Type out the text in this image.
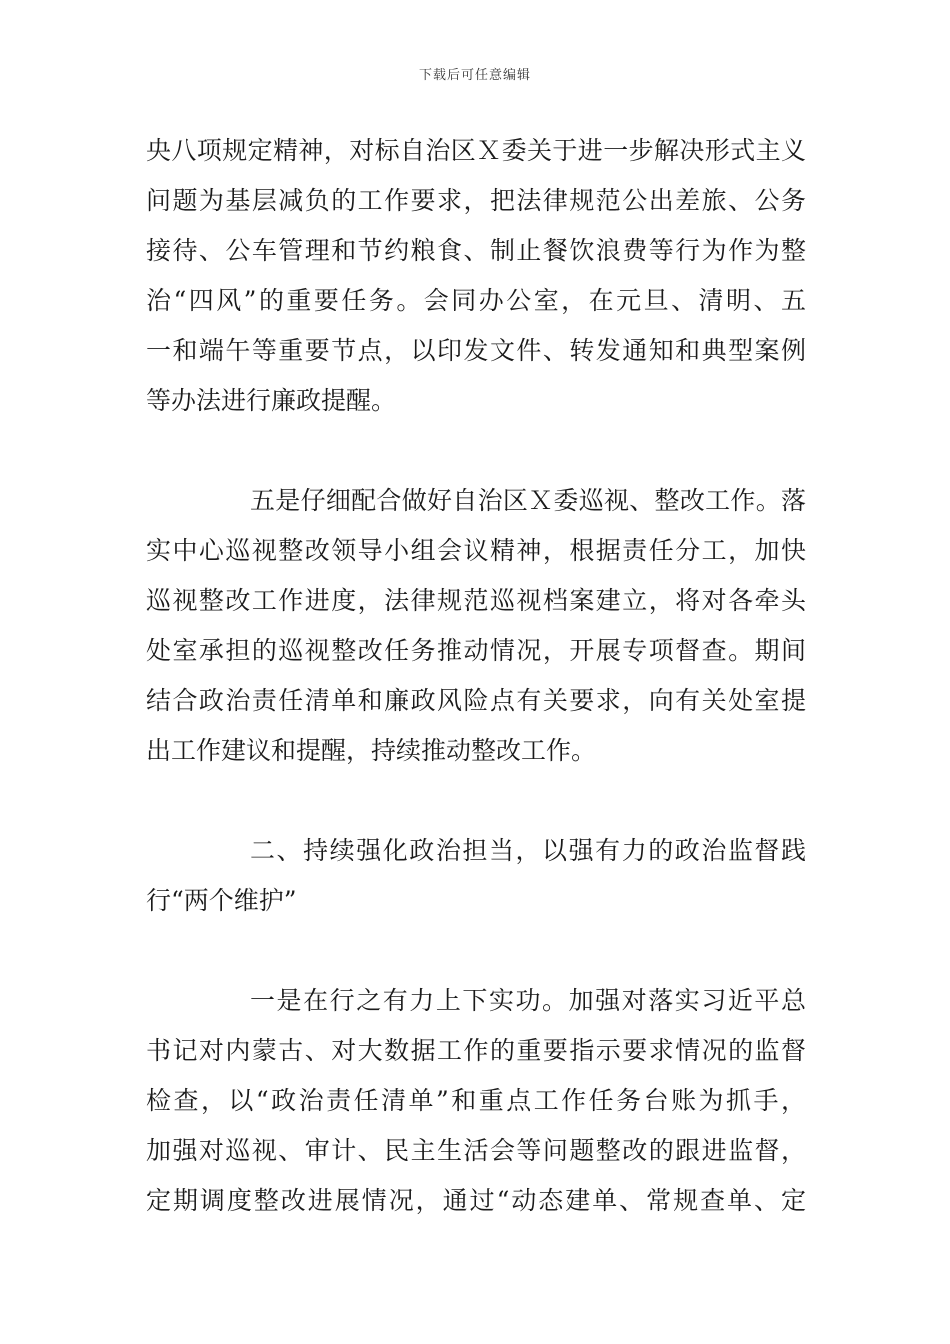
下载后可任意编辑
央八项规定精神，对标自治区Ｘ委关于进一步解决形式主义
问题为基层减负的工作要求，把法律规范公出差旅、公务
接待、公车管理和节约粮食、制止餐饮浪费等行为作为整
治“四风”的重要任务。会同办公室，在元旦、清明、五
一和端午等重要节点，以印发文件、转发通知和典型案例
等办法进行廉政提醒。
五是仔细配合做好自治区Ｘ委巡视、整改工作。落
实中心巡视整改领导小组会议精神，根据责任分工，加快
巡视整改工作进度，法律规范巡视档案建立，将对各牵头
处室承担的巡视整改任务推动情况，开展专项督查。期间
结合政治责任清单和廉政风险点有关要求，向有关处室提
出工作建议和提醒，持续推动整改工作。
二、持续强化政治担当，以强有力的政治监督践
行“两个维护”
一是在行之有力上下实功。加强对落实习近平总
书记对内蒙古、对大数据工作的重要指示要求情况的监督
检查，以“政治责任清单”和重点工作任务台账为抓手，
加强对巡视、审计、民主生活会等问题整改的跟进监督，
定期调度整改进展情况，通过“动态建单、常规查单、定
